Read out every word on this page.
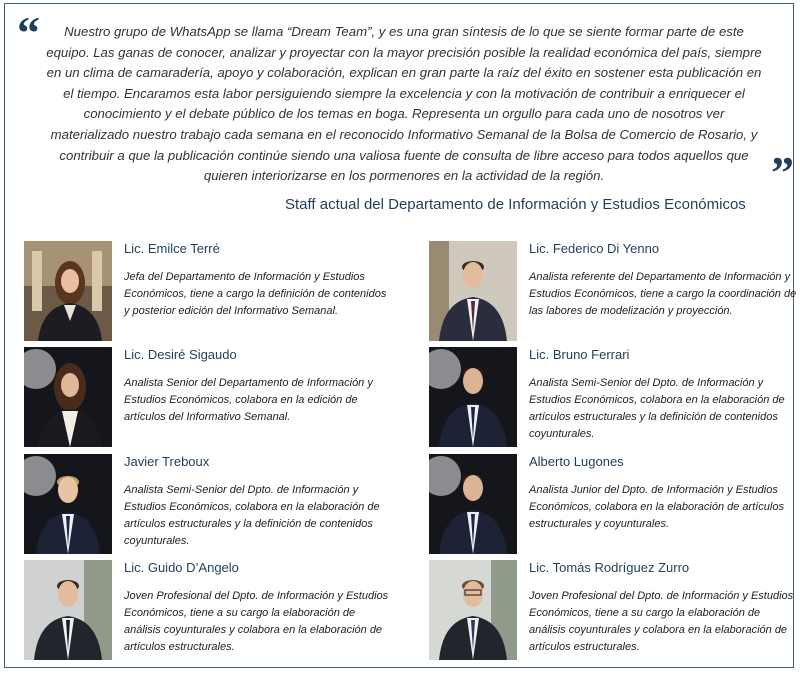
“	Nuestro grupo de WhatsApp se llama “Dream Team”, y es una gran síntesis de lo que se siente formar parte de este equipo. Las ganas de conocer, analizar y proyectar con la mayor precisión posible la realidad económica del país, siempre en un clima de camaradería, apoyo y colaboración, explican en gran parte la raíz del éxito en sostener esta publicación en el tiempo. Encaramos esta labor persiguiendo siempre la excelencia y con la motivación de contribuir a enriquecer el conocimiento y el debate público de los temas en boga. Representa un orgullo para cada uno de nosotros ver materializado nuestro trabajo cada semana en el reconocido Informativo Semanal de la Bolsa de Comercio de Rosario, y contribuir a que la publicación continúe siendo una valiosa fuente de consulta de libre acceso para todos aquellos que quieren interiorizarse en los pormenores en la actividad de la región.	”
Staff actual del Departamento de Información y Estudios Económicos
Lic. Emilce Terré
Jefa del Departamento de Información y Estudios Económicos, tiene a cargo la definición de contenidos y posterior edición del Informativo Semanal.
Lic. Desiré Sigaudo
Analista Senior del Departamento de Información y Estudios Económicos, colabora en la edición de artículos del Informativo Semanal.
Javier Treboux
Analista Semi-Senior del Dpto. de Información y Estudios Económicos, colabora en la elaboración de artículos estructurales y la definición de contenidos coyunturales.
Lic. Guido D’Angelo
Joven Profesional del Dpto. de Información y Estudios Económicos, tiene a su cargo la elaboración de análisis coyunturales y colabora en la elaboración de artículos estructurales.
Lic. Federico Di Yenno
Analista referente del Departamento de Información y Estudios Económicos, tiene a cargo la coordinación de las labores de modelización y proyección.
Lic. Bruno Ferrari
Analista Semi-Senior del Dpto. de Información y Estudios Económicos, colabora en la elaboración de artículos estructurales y la definición de contenidos coyunturales.
Alberto Lugones
Analista Junior del Dpto. de Información y Estudios Económicos, colabora en la elaboración de artículos estructurales y coyunturales.
Lic. Tomás Rodríguez Zurro
Joven Profesional del Dpto. de Información y Estudios Económicos, tiene a su cargo la elaboración de análisis coyunturales y colabora en la elaboración de artículos estructurales.
